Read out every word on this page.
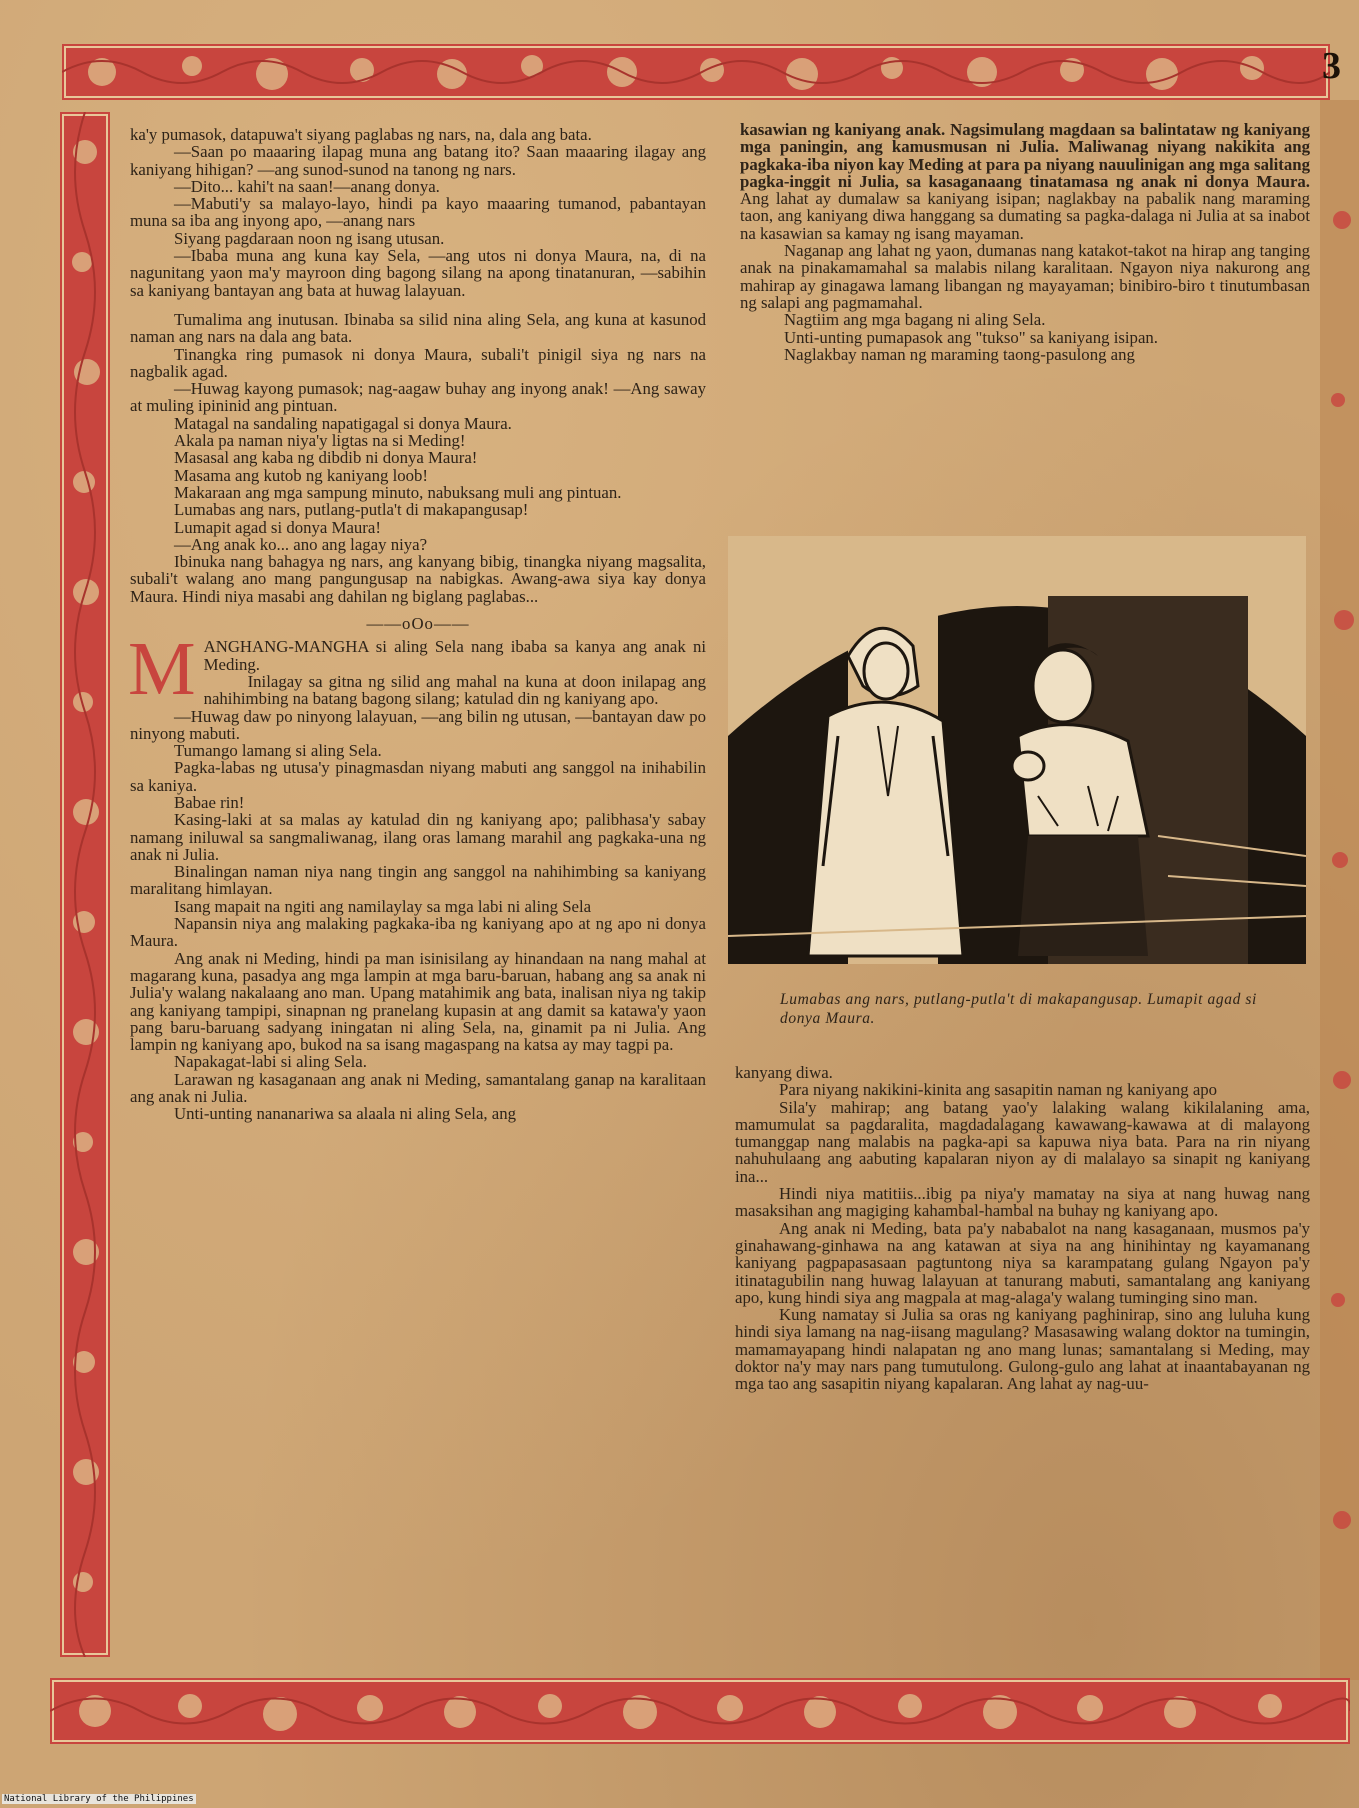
3

ka'y pumasok, datapuwa't siyang paglabas ng nars, na, dala ang bata.

—Saan po maaaring ilapag muna ang batang ito? Saan maaaring ilagay ang kaniyang hihigan? —ang sunod-sunod na tanong ng nars.

—Dito... kahi't na saan!—anang donya.

—Mabuti'y sa malayo-layo, hindi pa kayo maaaring tumanod, pabantayan muna sa iba ang inyong apo, —anang nars

Siyang pagdaraan noon ng isang utusan.

—Ibaba muna ang kuna kay Sela, —ang utos ni donya Maura, na, di na nagunitang yaon ma'y mayroon ding bagong silang na apong tinatanuran, —sabihin sa kaniyang bantayan ang bata at huwag lalayuan.

Tumalima ang inutusan. Ibinaba sa silid nina aling Sela, ang kuna at kasunod naman ang nars na dala ang bata.

Tinangka ring pumasok ni donya Maura, subali't pinigil siya ng nars na nagbalik agad.

—Huwag kayong pumasok; nag-aagaw buhay ang inyong anak! —Ang saway at muling ipininid ang pintuan.

Matagal na sandaling napatigagal si donya Maura.

Akala pa naman niya'y ligtas na si Meding!

Masasal ang kaba ng dibdib ni donya Maura!

Masama ang kutob ng kaniyang loob!

Makaraan ang mga sampung minuto, nabuksang muli ang pintuan.

Lumabas ang nars, putlang-putla't di makapangusap!

Lumapit agad si donya Maura!

—Ang anak ko... ano ang lagay niya?

Ibinuka nang bahagya ng nars, ang kanyang bibig, tinangka niyang magsalita, subali't walang ano mang pangungusap na nabigkas. Awang-awa siya kay donya Maura. Hindi niya masabi ang dahilan ng biglang paglabas...

——oOo——
M ANGHANG-MANGHA si aling Sela nang ibaba sa kanya ang anak ni Meding.

Inilagay sa gitna ng silid ang mahal na kuna at doon inilapag ang nahihimbing na batang bagong silang; katulad din ng kaniyang apo.

—Huwag daw po ninyong lalayuan, —ang bilin ng utusan, —bantayan daw po ninyong mabuti.

Tumango lamang si aling Sela.

Pagka-labas ng utusa'y pinagmasdan niyang mabuti ang sanggol na inihabilin sa kaniya.

Babae rin!

Kasing-laki at sa malas ay katulad din ng kaniyang apo; palibhasa'y sabay namang iniluwal sa sangmaliwanag, ilang oras lamang marahil ang pagkaka-una ng anak ni Julia.

Binalingan naman niya nang tingin ang sanggol na nahihimbing sa kaniyang maralitang himlayan.

Isang mapait na ngiti ang namilaylay sa mga labi ni aling Sela

Napansin niya ang malaking pagkaka-iba ng kaniyang apo at ng apo ni donya Maura.

Ang anak ni Meding, hindi pa man isinisilang ay hinandaan na nang mahal at magarang kuna, pasadya ang mga lampin at mga baru-baruan, habang ang sa anak ni Julia'y walang nakalaang ano man. Upang matahimik ang bata, inalisan niya ng takip ang kaniyang tampipi, sinapnan ng pranelang kupasin at ang damit sa katawa'y yaon pang baru-baruang sadyang iningatan ni aling Sela, na, ginamit pa ni Julia. Ang lampin ng kaniyang apo, bukod na sa isang magaspang na katsa ay may tagpi pa.

Napakagat-labi si aling Sela.

Larawan ng kasaganaan ang anak ni Meding, samantalang ganap na karalitaan ang anak ni Julia.

Unti-unting nananariwa sa alaala ni aling Sela, ang

kasawian ng kaniyang anak. Nagsimulang magdaan sa balintataw ng kaniyang mga paningin, ang kamusmusan ni Julia. Maliwanag niyang nakikita ang pagkaka-iba niyon kay Meding at para pa niyang nauulinigan ang mga salitang pagka-inggit ni Julia, sa kasaganaang tinatamasa ng anak ni donya Maura. Ang lahat ay dumalaw sa kaniyang isipan; naglakbay na pabalik nang maraming taon, ang kaniyang diwa hanggang sa dumating sa pagka-dalaga ni Julia at sa inabot na kasawian sa kamay ng isang mayaman.

Naganap ang lahat ng yaon, dumanas nang katakot-takot na hirap ang tanging anak na pinakamamahal sa malabis nilang karalitaan. Ngayon niya nakurong ang mahirap ay ginagawa lamang libangan ng mayayaman; binibiro-biro t tinutumbasan ng salapi ang pagmamahal.

Nagtiim ang mga bagang ni aling Sela.

Unti-unting pumapasok ang "tukso" sa kaniyang isipan.

Naglakbay naman ng maraming taong-pasulong ang

Lumabas ang nars, putlang-putla't di makapangusap. Lumapit agad si donya Maura.

kanyang diwa.

Para niyang nakikini-kinita ang sasapitin naman ng kaniyang apo

Sila'y mahirap; ang batang yao'y lalaking walang kikilalaning ama, mamumulat sa pagdaralita, magdadalagang kawawang-kawawa at di malayong tumanggap nang malabis na pagka-api sa kapuwa niya bata. Para na rin niyang nahuhulaang ang aabuting kapalaran niyon ay di malalayo sa sinapit ng kaniyang ina...

Hindi niya matitiis...ibig pa niya'y mamatay na siya at nang huwag nang masaksihan ang magiging kahambal-hambal na buhay ng kaniyang apo.

Ang anak ni Meding, bata pa'y nababalot na nang kasaganaan, musmos pa'y ginahawang-ginhawa na ang katawan at siya na ang hinihintay ng kayamanang kaniyang pagpapasasaan pagtuntong niya sa karampatang gulang Ngayon pa'y itinatagubilin nang huwag lalayuan at tanurang mabuti, samantalang ang kaniyang apo, kung hindi siya ang magpala at mag-alaga'y walang tuminging sino man.

Kung namatay si Julia sa oras ng kaniyang paghinirap, sino ang luluha kung hindi siya lamang na nag-iisang magulang? Masasawing walang doktor na tumingin, mamamayapang hindi nalapatan ng ano mang lunas; samantalang si Meding, may doktor na'y may nars pang tumutulong. Gulong-gulo ang lahat at inaantabayanan ng mga tao ang sasapitin niyang kapalaran. Ang lahat ay nag-uu-

National Library of the Philippines
